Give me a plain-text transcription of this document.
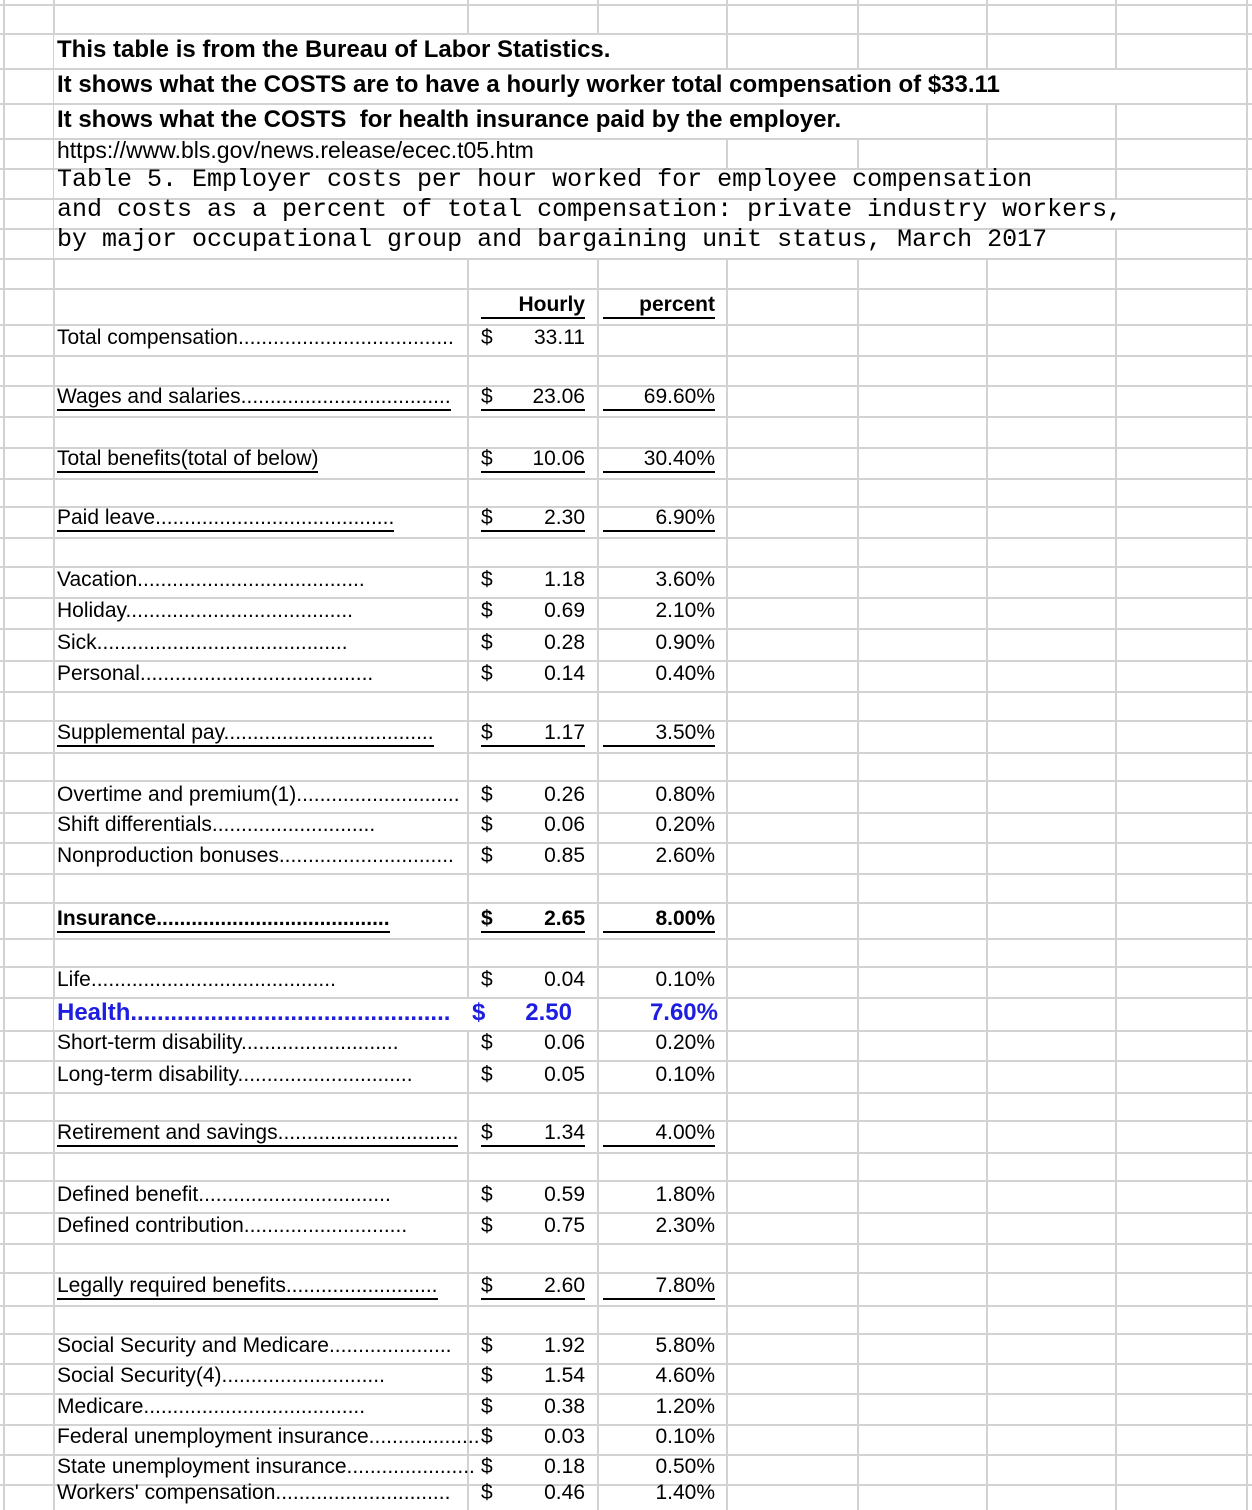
This table is from the Bureau of Labor Statistics.
It shows what the COSTS are to have a hourly worker total compensation of $33.11
It shows what the COSTS  for health insurance paid by the employer.
https://www.bls.gov/news.release/ecec.t05.htm
Table 5. Employer costs per hour worked for employee compensation
and costs as a percent of total compensation: private industry workers,
by major occupational group and bargaining unit status, March 2017
Hourly	percent
Total compensation..................................... $ 33.11
Wages and salaries.................................... $ 23.06	69.60%
Total benefits(total of below)	$ 10.06	30.40%
Paid leave.........................................	$ 2.30	6.90%
Vacation.......................................	$ 1.18	3.60%
Holiday.......................................	$ 0.69	2.10%
Sick...........................................	$ 0.28	0.90%
Personal........................................	$ 0.14	0.40%
Supplemental pay.................................... $ 1.17	3.50%
Overtime and premium(1)............................ $ 0.26	0.80%
Shift differentials............................	$ 0.06	0.20%
Nonproduction bonuses.............................. $ 0.85	2.60%
Insurance........................................	$ 2.65	8.00%
Life..........................................	$ 0.04	0.10%
Health................................................ $ 2.50	7.60%
Short-term disability...........................	$ 0.06	0.20%
Long-term disability..............................	$ 0.05	0.10%
Retirement and savings............................... $ 1.34	4.00%
Defined benefit.................................	$ 0.59	1.80%
Defined contribution............................	$ 0.75	2.30%
Legally required benefits.......................... $ 2.60	7.80%
Social Security and Medicare..................... $ 1.92	5.80%
Social Security(4)............................	$ 1.54	4.60%
Medicare......................................	$ 0.38	1.20%
Federal unemployment insurance................... $ 0.03	0.10%
State unemployment insurance...................... $ 0.18	0.50%
Workers' compensation.............................. $ 0.46	1.40%
